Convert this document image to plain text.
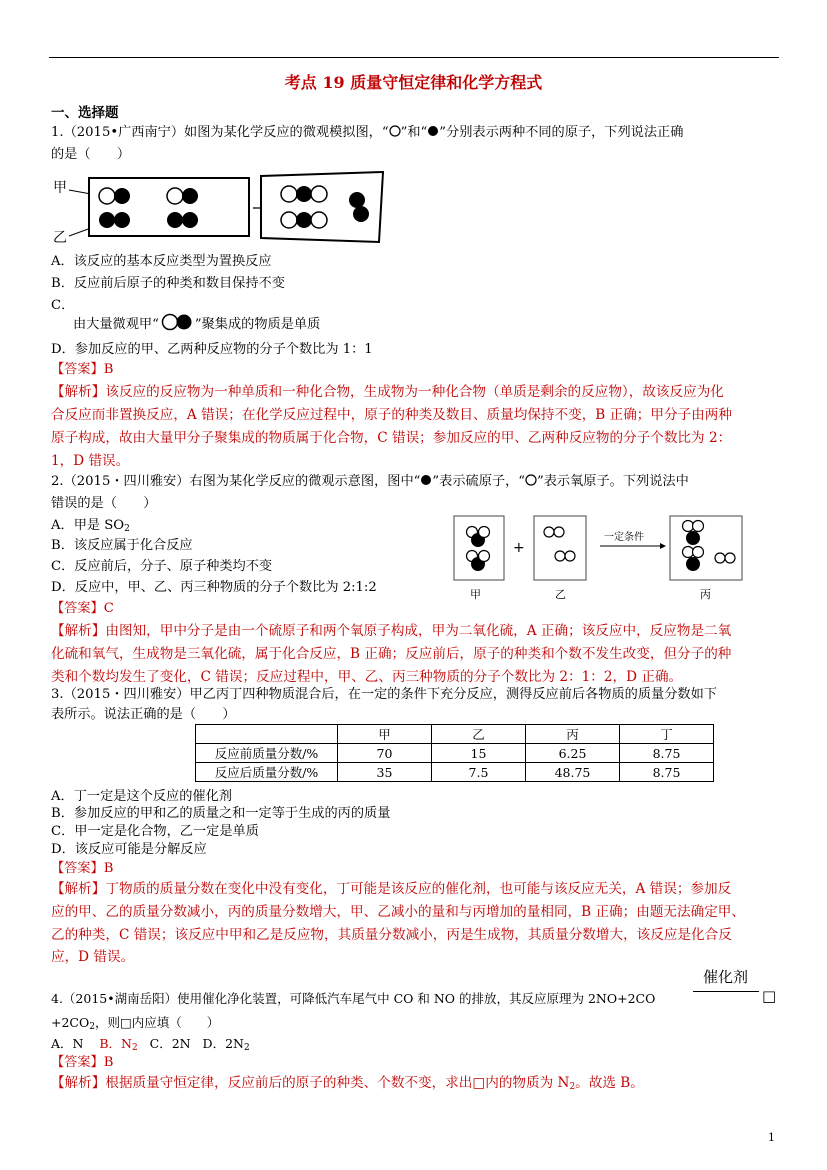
考点 19 质量守恒定律和化学方程式
一、选择题
1.（2015•广西南宁）如图为某化学反应的微观模拟图，“ ”和“ ”分别表示两种不同的原子，下列说法正确
的是（　　）
甲
乙
A．该反应的基本反应类型为置换反应
B．反应前后原子的种类和数目保持不变
C．
由大量微观甲“	”聚集成的物质是单质
D．参加反应的甲、乙两种反应物的分子个数比为 1：1
【答案】B
【解析】该反应的反应物为一种单质和一种化合物，生成物为一种化合物（单质是剩余的反应物），故该反应为化
合反应而非置换反应，A 错误；在化学反应过程中，原子的种类及数目、质量均保持不变，B 正确；甲分子由两种
原子构成，故由大量甲分子聚集成的物质属于化合物，C 错误；参加反应的甲、乙两种反应物的分子个数比为 2：
1，D 错误。
2.（2015・四川雅安）右图为某化学反应的微观示意图，图中“ ”表示硫原子，“ ”表示氧原子。下列说法中
错误的是（　　）
A．甲是 $SO_2$
B．该反应属于化合反应
C．反应前后，分子、原子种类均不变
D．反应中，甲、乙、丙三种物质的分子个数比为 2:1:2
+
一定条件
甲	乙	丙
【答案】C
【解析】由图知，甲中分子是由一个硫原子和两个氧原子构成，甲为二氧化硫，A 正确；该反应中，反应物是二氧
化硫和氧气，生成物是三氧化硫，属于化合反应，B 正确；反应前后，原子的种类和个数不发生改变，但分子的种
类和个数均发生了变化，C 错误；反应过程中，甲、乙、丙三种物质的分子个数比为 2：1：2，D 正确。
3.（2015・四川雅安）甲乙丙丁四种物质混合后，在一定的条件下充分反应，测得反应前后各物质的质量分数如下
表所示。说法正确的是（　　）
	甲	乙	丙	丁
反应前质量分数/%	70	15	6.25	8.75
反应后质量分数/%	35	7.5	48.75	8.75
A．丁一定是这个反应的催化剂
B．参加反应的甲和乙的质量之和一定等于生成的丙的质量
C．甲一定是化合物，乙一定是单质
D．该反应可能是分解反应
【答案】B
【解析】丁物质的质量分数在变化中没有变化，丁可能是该反应的催化剂，也可能与该反应无关，A 错误；参加反
应的甲、乙的质量分数减小，丙的质量分数增大，甲、乙减小的量和与丙增加的量相同，B 正确；由题无法确定甲、
乙的种类，C 错误；该反应中甲和乙是反应物，其质量分数减小，丙是生成物，其质量分数增大，该反应是化合反
应，D 错误。
催化剂
4.（2015•湖南岳阳）使用催化净化装置，可降低汽车尾气中 CO 和 NO 的排放，其反应原理为 2NO+2CO	□
$+2CO_2$，则□内应填（　　）
A．N B．$N_2$ C．2N D．$2N_2$
【答案】B
【解析】根据质量守恒定律，反应前后的原子的种类、个数不变，求出□内的物质为 $N_2$。故选 B。
1
